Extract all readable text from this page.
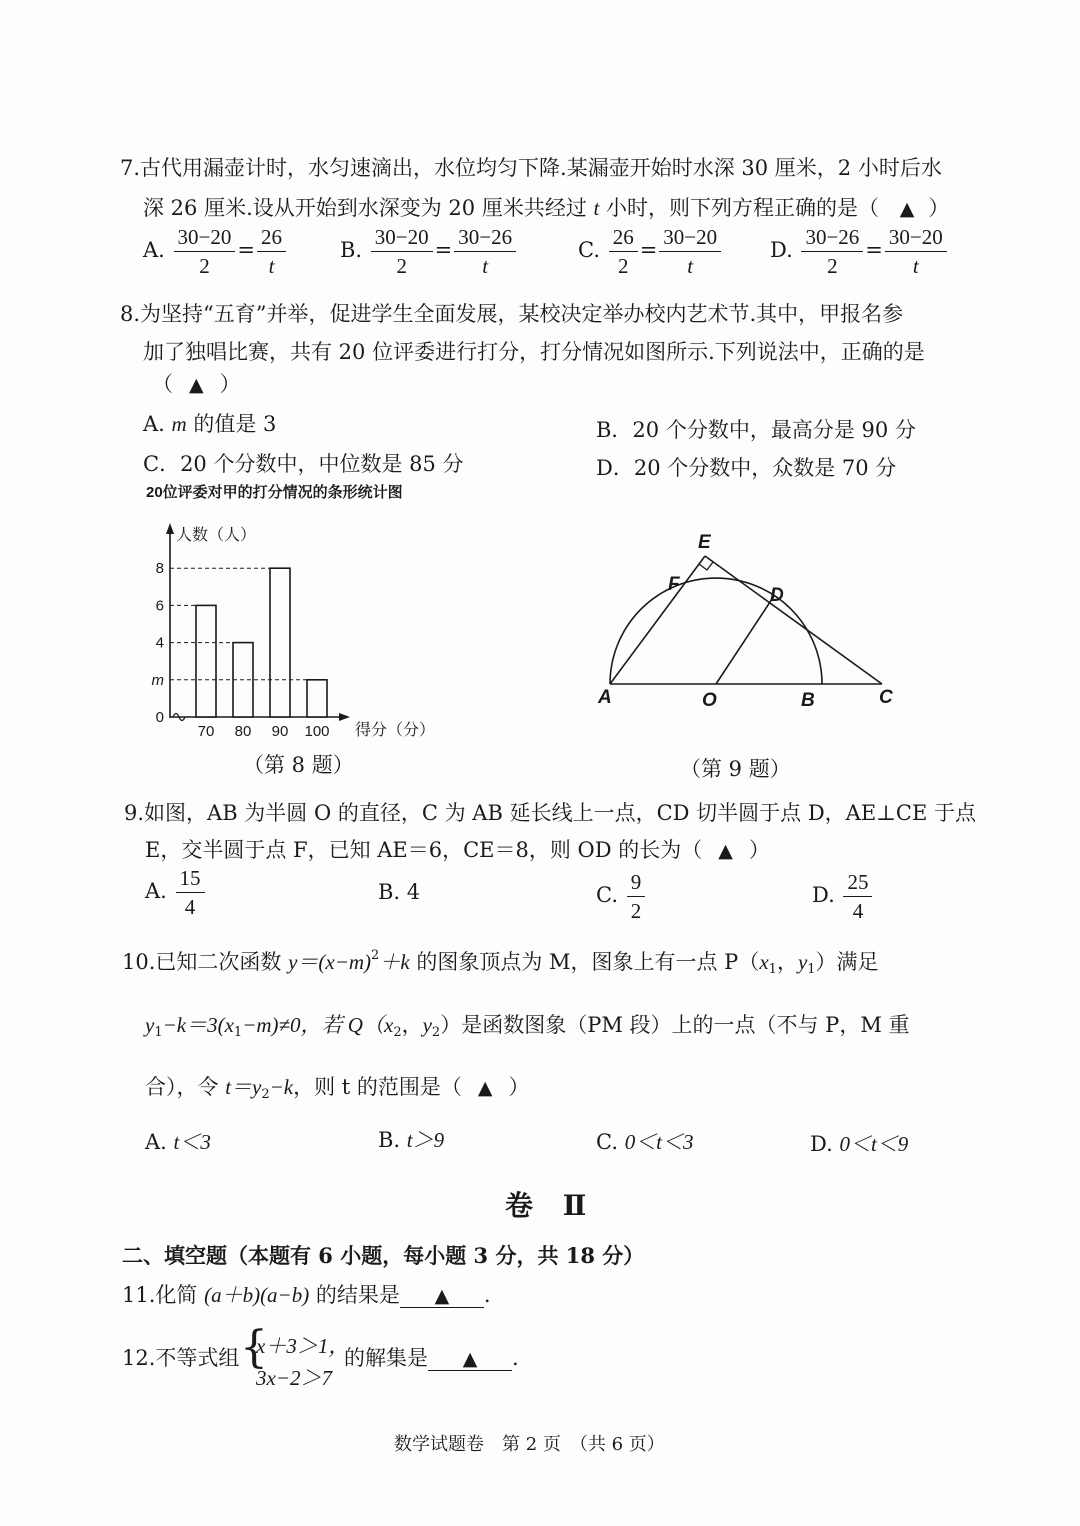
7.古代用漏壶计时，水匀速滴出，水位均匀下降.某漏壶开始时水深 30 厘米，2 小时后水
深 26 厘米.设从开始到水深变为 20 厘米共经过 t 小时，则下列方程正确的是（ ▲ ）
A. $\frac{30-20}{2} = \frac{26}{t}$	B. $\frac{30-20}{2} = \frac{30-26}{t}$	C. $\frac{26}{2} = \frac{30-20}{t} D$. $\frac{30-26}{2} = \frac{30-20}{t}$
8.为坚持“五育”并举，促进学生全面发展，某校决定举办校内艺术节.其中，甲报名参
加了独唱比赛，共有 20 位评委进行打分，打分情况如图所示.下列说法中，正确的是
（ ▲ ）
A. m 的值是 3	B．20 个分数中，最高分是 90 分
C．20 个分数中，中位数是 85 分	D．20 个分数中，众数是 70 分
20位评委对甲的打分情况的条形统计图
人数（人）
得分（分）
0
m
4
6
8
70 80 90 100
（第 8 题）
E
F
D
A	O	B	C
（第 9 题）
9.如图，AB 为半圆 O 的直径，C 为 AB 延长线上一点，CD 切半圆于点 D，AE⊥CE 于点
E，交半圆于点 F，已知 AE＝6，CE＝8，则 OD 的长为（ ▲ ）
A. $\frac{15}{4}$	B. 4	C. $\frac{9}{2}$	D. $\frac{25}{4}$
10.已知二次函数 $y=(x-m)^2+k$ 的图象顶点为 M，图象上有一点 $P(x_1$，$y_1$）满足
$y_1-k=3(x_1-m)\ne 0$，若 $Q(x_2$，$y_2$）是函数图象（PM 段）上的一点（不与 P，M 重
合），令 $t=y_2-k$，则 t 的范围是（ ▲ ）
A. t＜3	B. t＞9	C. 0＜t＜3	D. 0＜t＜9
卷 Ⅱ
二、填空题（本题有 6 小题，每小题 3 分，共 18 分）
11.化简 (a＋b)(a−b) 的结果是 ▲ .
12.不等式组 {
x＋3＞1，
3x−2＞7
的解集是 ▲ .
数学试题卷　第 2 页　（共 6 页）
